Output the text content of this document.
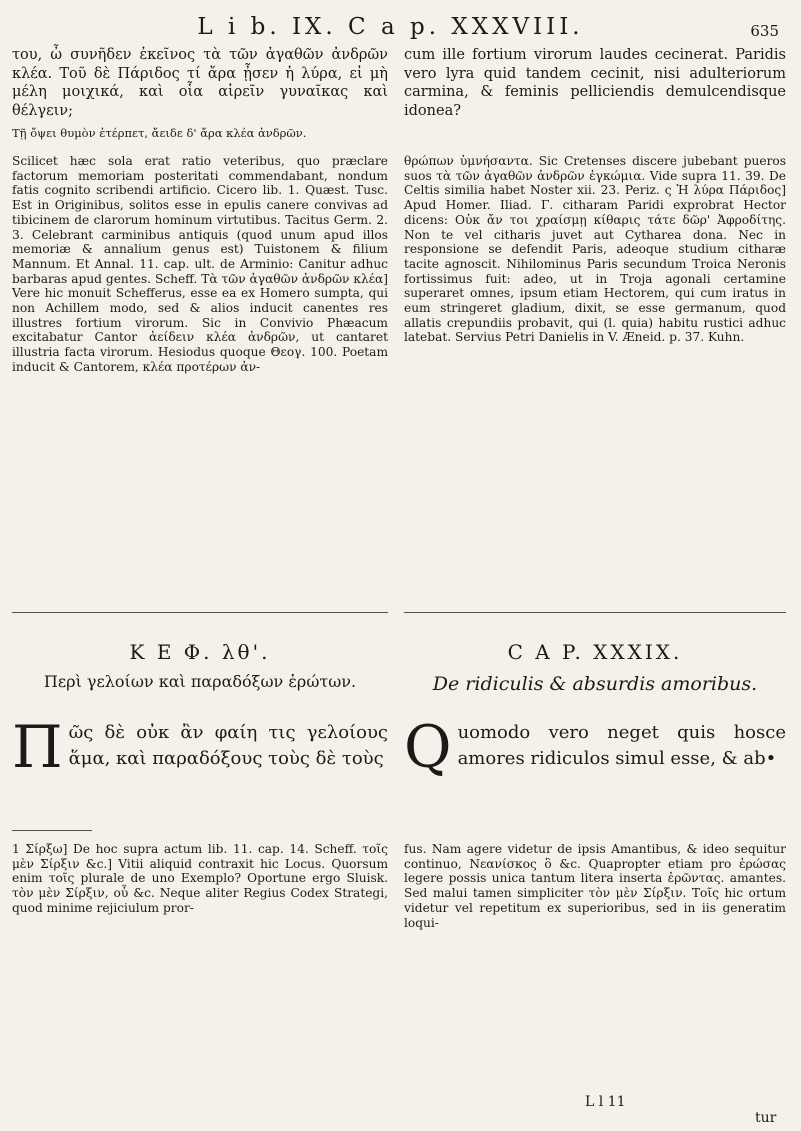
L i b. IX. C a p. XXXVIII.	635

του, ὦ συνῆδεν ἐκεῖνος τὰ τῶν ἀγαθῶν ἀνδρῶν κλέα. Τοῦ δὲ Πάριδος τί ἄρα ᾖσεν ἡ λύρα, εἰ μὴ μέλη μοιχικά, καὶ οἷα αἱρεῖν γυναῖκας καὶ θέλγειν;

Τῇ ὄψει θυμὸν ἐτέρπετ, ἄειδε δ' ἄρα κλέα ἀνδρῶν.

Scilicet hæc sola erat ratio veteribus, quo præclare factorum memoriam posteritati commendabant, nondum fatis cognito scribendi artificio. Cicero lib. 1. Quæst. Tusc. Est in Originibus, solitos esse in epulis canere convivas ad tibicinem de clarorum hominum virtutibus. Tacitus Germ. 2. 3. Celebrant carminibus antiquis (quod unum apud illos memoriæ & annalium genus est) Tuistonem & filium Mannum. Et Annal. 11. cap. ult. de Arminio: Canitur adhuc barbaras apud gentes. Scheff. Τὰ τῶν ἀγαθῶν ἀνδρῶν κλέα] Vere hic monuit Schefferus, esse ea ex Homero sumpta, qui non Achillem modo, sed & alios inducit canentes res illustres fortium virorum. Sic in Convivio Phæacum excitabatur Cantor ἀείδειν κλέα ἀνδρῶν, ut cantaret illustria facta virorum. Hesiodus quoque Θεογ. 100. Poetam inducit & Cantorem, κλέα προτέρων ἀν-

cum ille fortium virorum laudes cecinerat. Paridis vero lyra quid tandem cecinit, nisi adulteriorum carmina, & feminis pelliciendis demulcendisque idonea?

θρώπων ὑμνήσαντα. Sic Cretenses discere jubebant pueros suos τὰ τῶν ἀγαθῶν ἀνδρῶν ἐγκώμια. Vide supra 11. 39. De Celtis similia habet Noster xii. 23. Periz. ς Ἡ λύρα Πάριδος] Apud Homer. Iliad. Γ. citharam Paridi exprobrat Hector dicens: Οὐκ ἄν τοι χραίσμῃ κίθαρις τάτε δῶρ' Ἀφροδίτης. Non te vel citharis juvet aut Cytharea dona. Nec in responsione se defendit Paris, adeoque studium citharæ tacite agnoscit. Nihilominus Paris secundum Troica Neronis fortissimus fuit: adeo, ut in Troja agonali certamine superaret omnes, ipsum etiam Hectorem, qui cum iratus in eum stringeret gladium, dixit, se esse germanum, quod allatis crepundiis probavit, qui (l. quia) habitu rustici adhuc latebat. Servius Petri Danielis in V. Æneid. p. 37. Kuhn.

Κ Ε Φ. λθ'.
Περὶ γελοίων καὶ παραδόξων ἐρώτων.
Π ῶς δὲ οὐκ ἂν φαίη τις γελοίους ἅμα, καὶ παραδόξους τοὺς δὲ τοὺς

1 Σίρξω] De hoc supra actum lib. 11. cap. 14. Scheff. τοῖς μὲν Σίρξιν &c.] Vitii aliquid contraxit hic Locus. Quorsum enim τοῖς plurale de uno Exemplo? Oportune ergo Sluisk. τὸν μὲν Σίρξιν, οὗ &c. Neque aliter Regius Codex Strategi, quod minime rejiciulum pror-

C A P. XXXIX.
De ridiculis & absurdis amoribus.
Q uomodo vero neget quis hosce amores ridiculos simul esse, & ab•

fus. Nam agere videtur de ipsis Amantibus, & ideo sequitur continuo, Νεανίσκος ὃ &c. Quapropter etiam pro ἐρώσας legere possis unica tantum litera inserta ἐρῶντας. amantes. Sed malui tamen simpliciter τὸν μὲν Σίρξιν. Τοῖς hic ortum videtur vel repetitum ex superioribus, sed in iis generatim loqui-

L l 11
tur
